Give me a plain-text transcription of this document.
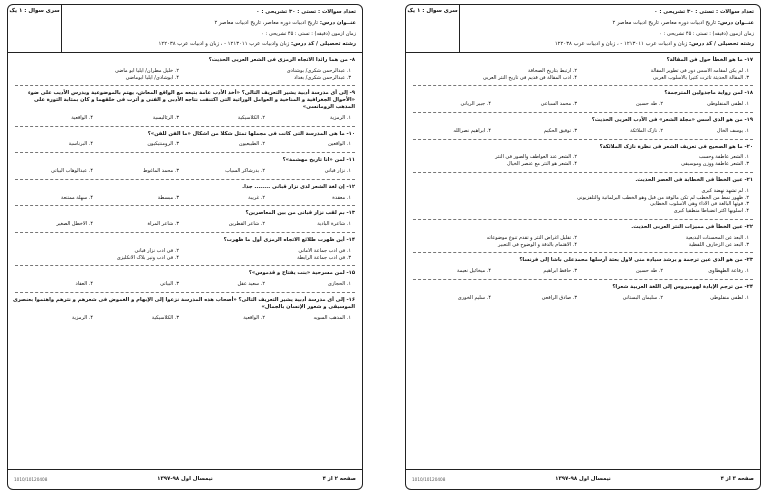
سری سوال : ۱ یک	تعداد سوالات : تستی : ۳۰ تشریحی : ۰
عنــوان درس: تاریخ ادبیات دوره معاصر، تاریخ ادبیات معاصر ۲
زمان آزمون (دقیقه) : تستی : ۴۵ تشریحی : ۰
رشته تحصیلی / کد درس: زبان وادبیات عرب ۱۲۱۳۰۱۱ - ، زبان و ادبیات عرب ۱۲۲۰۳۸
۸- من هما رائدا الاتجاه الرمزی فی الشعر العربی الحدیث؟
۱. عبدالرحمن شکری/ بوشنادی
۲. خلیل مطران/ ایلیا ابو ماضی
۳. عبدالرحمن شکری/ بغداد
۴. ابوشادی/ ایلیا ابوماضی
۹- إلی أی مدرسة أدبیة یشیر التعریف التالی؟ «أخذ الأدب عامة بتبعه مع الواقع المعاش، یهتم بالموضوعیة ویدرس الأدیب علی ضوء «الأحوال الجغرافیة و المناخیة و العوامل الوراثیة التی اکتنفت نتاجه الأدبی و الفنی و أثرت فی خلقهما و کان بمثابة الثورة علی المذهب الرومانسی»
۱. الرمزیة
۲. الکلاسیکیة
۳. الرئالیسیة
۴. الواقعیة
۱۰- ما هی المدرسة التی کانت فی مجملها تمثل شکلا من اشکال «ما الفن للفن»؟
۱. الواقعین
۲. الطبیعیون
۳. الرومنتیکیون
۴. البرناسیة
۱۱- لمن «انا تاریخ مهشمة»؟
۱. نزار قبانی
۲. بدرشاکر السیاب
۳. محمد الماغوط
۴. عبدالوهاب البیاتی
۱۲- إن لغة الشعر لدی نزار قبانی ........ جدا.
۱. معقدة
۲. غریبة
۳. مبسطة
۴. سهلة ممتنعة
۱۳- بم لقب نزار قبانی من بین المعاصرین؟
۱. شاعرة البادیة
۲. شاعر القطرین
۳. شاعر المرأة
۴. الاخطل الصغیر
۱۴- أین ظهرت طلائع الاتجاه الرمزی أول ما ظهرت؟
۱. فی أدب جماعة الأمانی
۲. فی أدب نزار قبانی
۳. فی أدب جماعة الرابطة
۴. فی أدب ونیر بلاک الانکلیزی
۱۵- لمن مسرحیة «بنت یفتاح و قدموس»؟
۱. الحجازی
۲. سعید عقل
۳. البیاتی
۴. العقاد
۱۶- إلی أی مدرسة أدبیة یشیر التعریف التالی؟ «أصحاب هذه المدرسة نزعوا إلی الإبهام و الغموض فی شعرهم و نثرهم واهتموا بعنصری الموسیقی و شعور الإنسان بالجمال»
۱. المذهب السویه
۲. الواقعیة
۳. الکلاسیکیة
۴. الرمزیة
صفحه ۲ از ۴
نیمسال اول ۹۸-۱۳۹۷
1010/10120408
سری سوال : ۱ یک	تعداد سوالات : تستی : ۳۰ تشریحی : ۰
عنــوان درس: تاریخ ادبیات دوره معاصر، تاریخ ادبیات معاصر ۲
زمان آزمون (دقیقه) : تستی : ۴۵ تشریحی : ۰
رشته تحصیلی / کد درس: زبان و ادبیات عرب ۱۲۱۳۰۱۱ - ، زبان و ادبیات عرب ۱۲۲۰۳۸
۱۷- ما هو الخطأ حول فن المقالة؟
۱. لم یکن لمقامه الأسس دور فی تطویر المقالة
۲. ارتبط بتاریخ الصحافة
۳. المقالة الحدیثة تأثرت کثیرا بالاسلوب الغربی
۴. أدب المقالة فن قدیم فی تاریخ النثر العربی
۱۸- لمن روایة ماجدولین المترجمة؟
۱. لطفی المنفلوطی
۲. طه حسین
۳. محمد السباعی
۴. جبیر الریانی
۱۹- من هو الذی أسس «مجلة الشعر» فی الأدب العربی الحدیث؟
۱. یوسف الخال
۲. نازک الملائکة
۳. توفیق الحکیم
۴. ابراهیم نصرالله
۲۰- ما هو الصحیح فی تعریف الشعر فی نظرة نازک الملائکة؟
۱. الشعر عاطفة وحسب
۲. الشعر عند العواطف والصور فی النثر
۳. الشعر عاطفة ووزن وموسیقی
۴. الشعر هو النثر مع عنصر الخیال
۲۱- عین الخطأ فی الخطابة فی العصر الحدیث.
۱. لم تشهد نهضة کبری
۲. ظهور نمط من الخطب لم تکن مألوفة من قبل وهو الخطب البرلمانیة والتلفزیونی
۳. قوتها البالغة فی الأداء وهی الأسلوب الخطابی
۴. أسلوبها أکثر انضباطا منطقیا کبری
۲۲- عین الخطأ فی ممیزات النثر العربی الحدیث.
۱. البعد عن المحسنات البدیعیة
۲. تقلیل أغراض النثر و تقدم تنوع موضوعاته
۳. البعد عن الزخارف اللفظیة
۴. الاهتمام بالدقة و الوضوح فی التعبیر
۲۳- من هو الذی عین ترجمة و یرشد سیادة منی لاول بعثة أرسلها محمدعلی باشا إلی فرنسا؟
۱. رفاعة الطهطاوی
۲. طه حسین
۳. حافظ ابراهیم
۴. میخائیل نعیمة
۲۴- من ترجم الإیادة لهومیروس إلی اللغة العربیة شعرا؟
۱. لطفی منفلوطی
۲. سلیمان البستانی
۳. صادق الرافعی
۴. سلیم الخوری
صفحه ۳ از ۴
نیمسال اول ۹۸-۱۳۹۷
1010/10120408
